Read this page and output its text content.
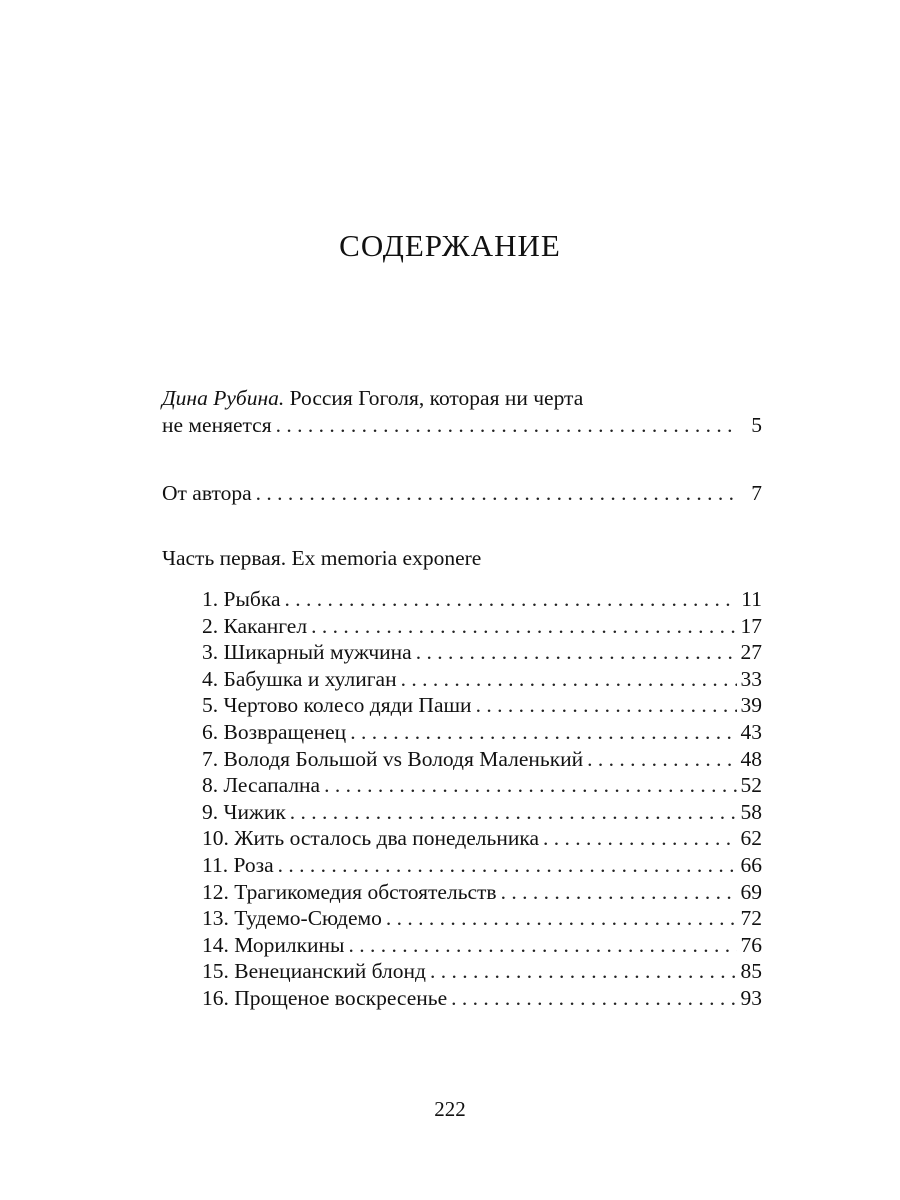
СОДЕРЖАНИЕ
Дина Рубина. Россия Гоголя, которая ни черта
не меняется . . .	5
От автора . . .	7
Часть первая. Ex memoria exponere
1. Рыбка . . .	11
2. Какангел . . .	17
3. Шикарный мужчина . . .	27
4. Бабушка и хулиган . . .	33
5. Чертово колесо дяди Паши . . .	39
6. Возвращенец . . .	43
7. Володя Большой vs Володя Маленький . . .	48
8. Лесапална . . .	52
9. Чижик . . .	58
10. Жить осталось два понедельника . . .	62
11. Роза . . .	66
12. Трагикомедия обстоятельств . . .	69
13. Тудемо-Сюдемо . . .	72
14. Морилкины . . .	76
15. Венецианский блонд . . .	85
16. Прощеное воскресенье . . .	93
222
